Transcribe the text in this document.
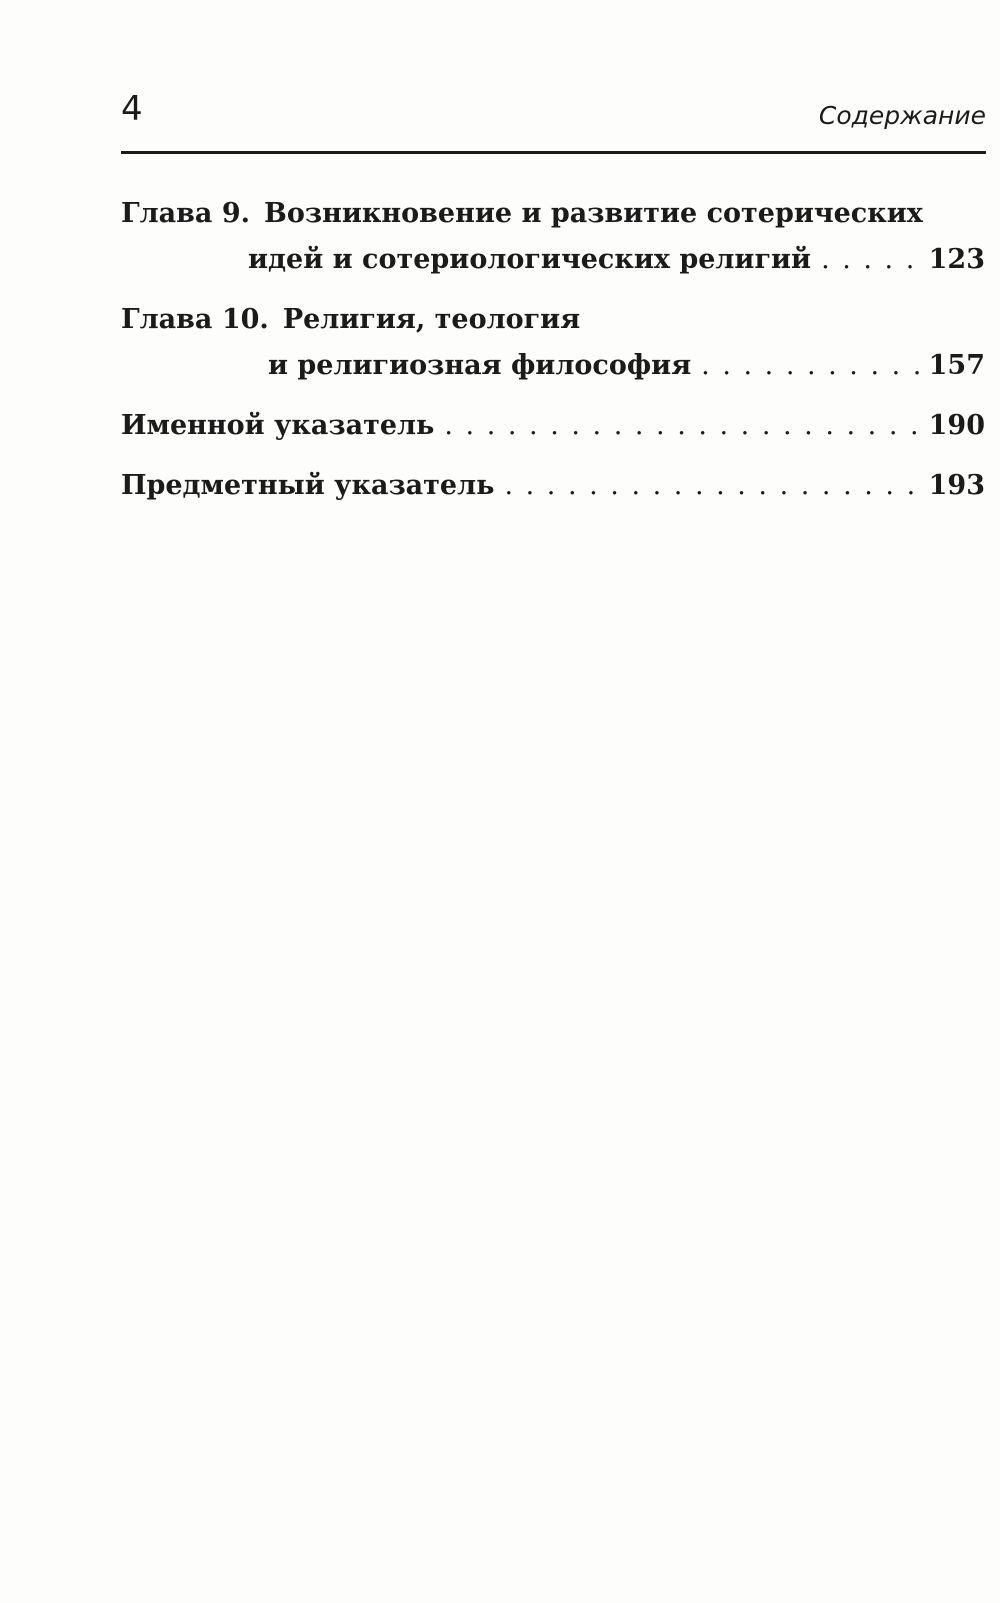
4	Содержание
Глава 9. Возникновение и развитие сотерических
идей и сотериологических религий . . .	123
Глава 10. Религия, теология
и религиозная философия . . .	157
Именной указатель . . .	190
Предметный указатель . . .	193
